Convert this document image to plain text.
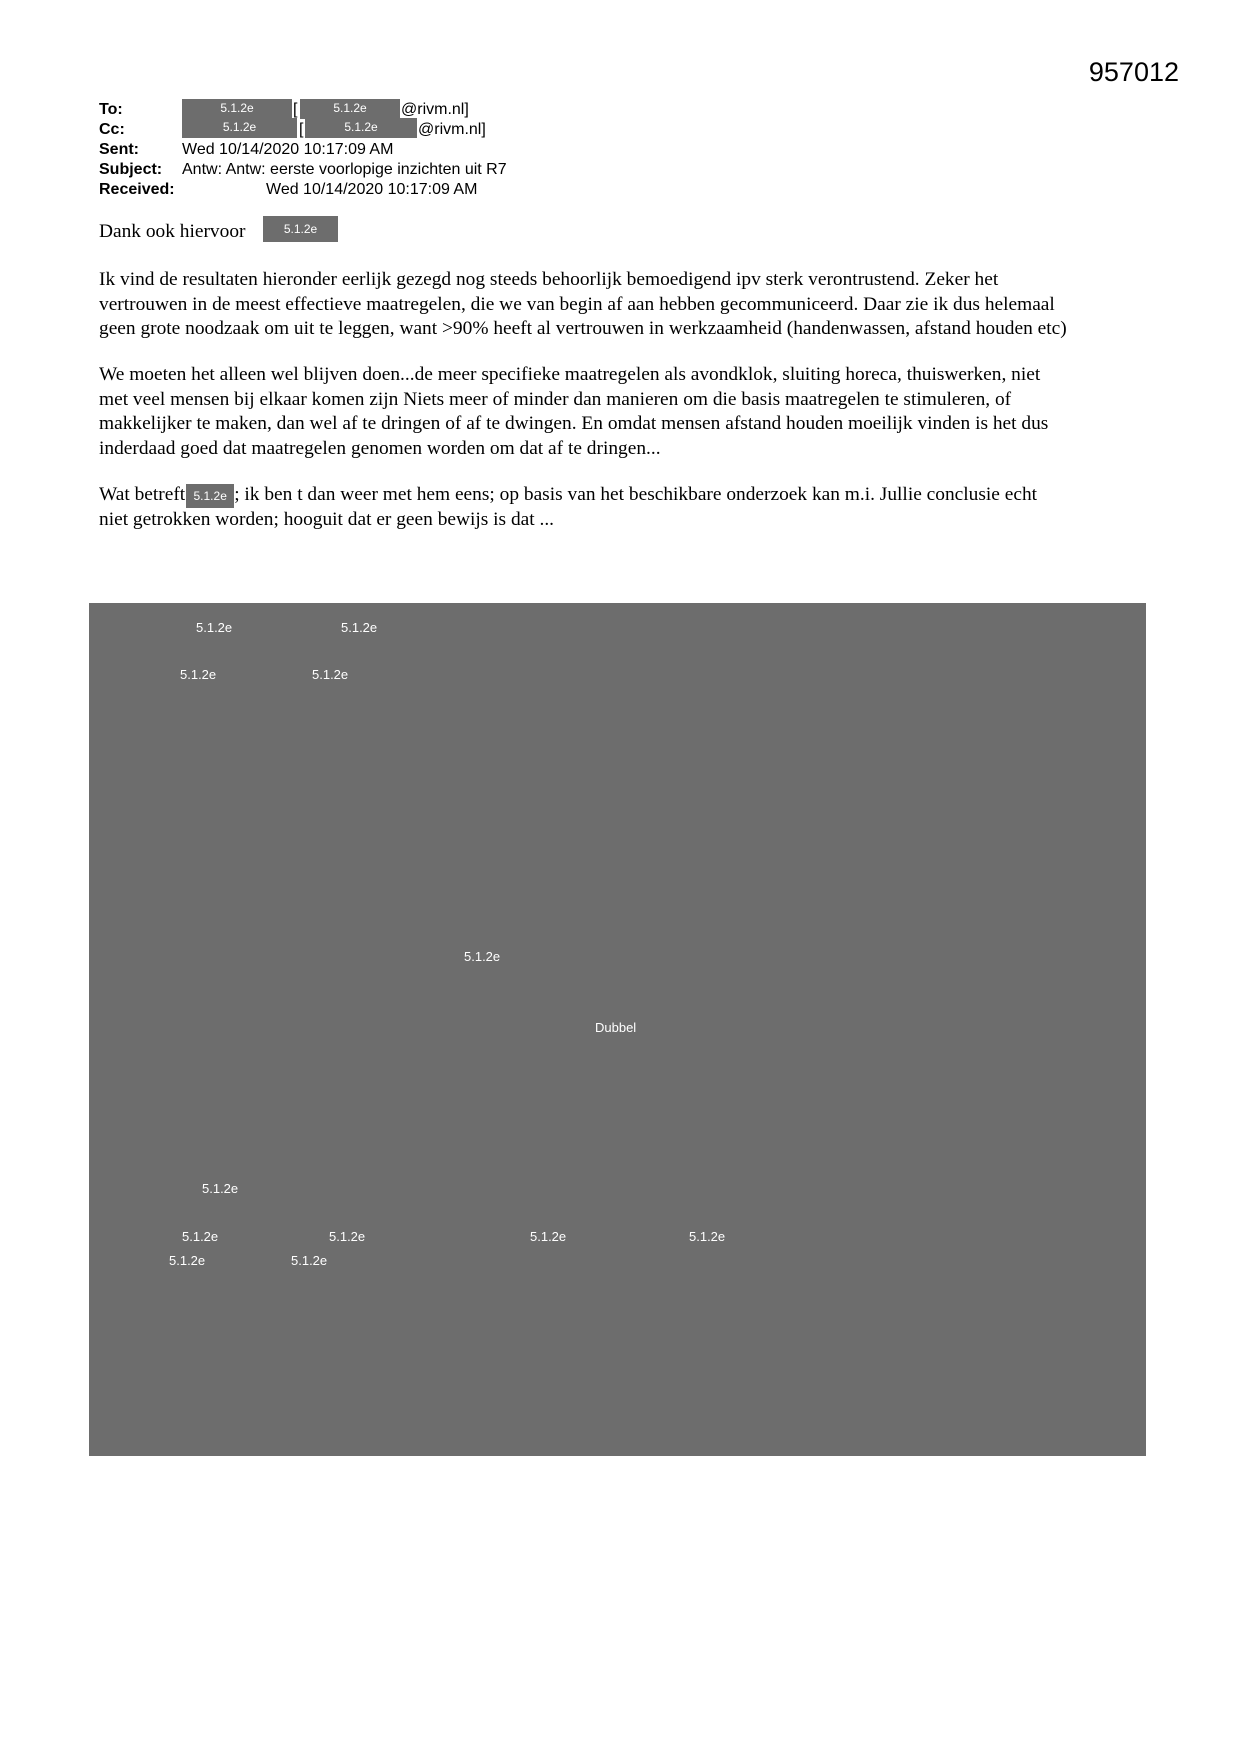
957012
To:	5.1.2e	[	5.1.2e	@rivm.nl]
Cc:	5.1.2e	[	5.1.2e	@rivm.nl]
Sent:	Wed 10/14/2020 10:17:09 AM
Subject: Antw: Antw: eerste voorlopige inzichten uit R7
Received:	Wed 10/14/2020 10:17:09 AM
Dank ook hiervoor	5.1.2e
Ik vind de resultaten hieronder eerlijk gezegd nog steeds behoorlijk bemoedigend ipv sterk verontrustend. Zeker het
vertrouwen in de meest effectieve maatregelen, die we van begin af aan hebben gecommuniceerd. Daar zie ik dus helemaal
geen grote noodzaak om uit te leggen, want >90% heeft al vertrouwen in werkzaamheid (handenwassen, afstand houden etc)
We moeten het alleen wel blijven doen...de meer specifieke maatregelen als avondklok, sluiting horeca, thuiswerken, niet
met veel mensen bij elkaar komen zijn Niets meer of minder dan manieren om die basis maatregelen te stimuleren, of
makkelijker te maken, dan wel af te dringen of af te dwingen. En omdat mensen afstand houden moeilijk vinden is het dus
inderdaad goed dat maatregelen genomen worden om dat af te dringen...
Wat betreft 5.1.2e ; ik ben t dan weer met hem eens; op basis van het beschikbare onderzoek kan m.i. Jullie conclusie echt
niet getrokken worden; hooguit dat er geen bewijs is dat ...
5.1.2e	5.1.2e
5.1.2e	5.1.2e
5.1.2e
Dubbel
5.1.2e
5.1.2e	5.1.2e	5.1.2e	5.1.2e
5.1.2e	5.1.2e
